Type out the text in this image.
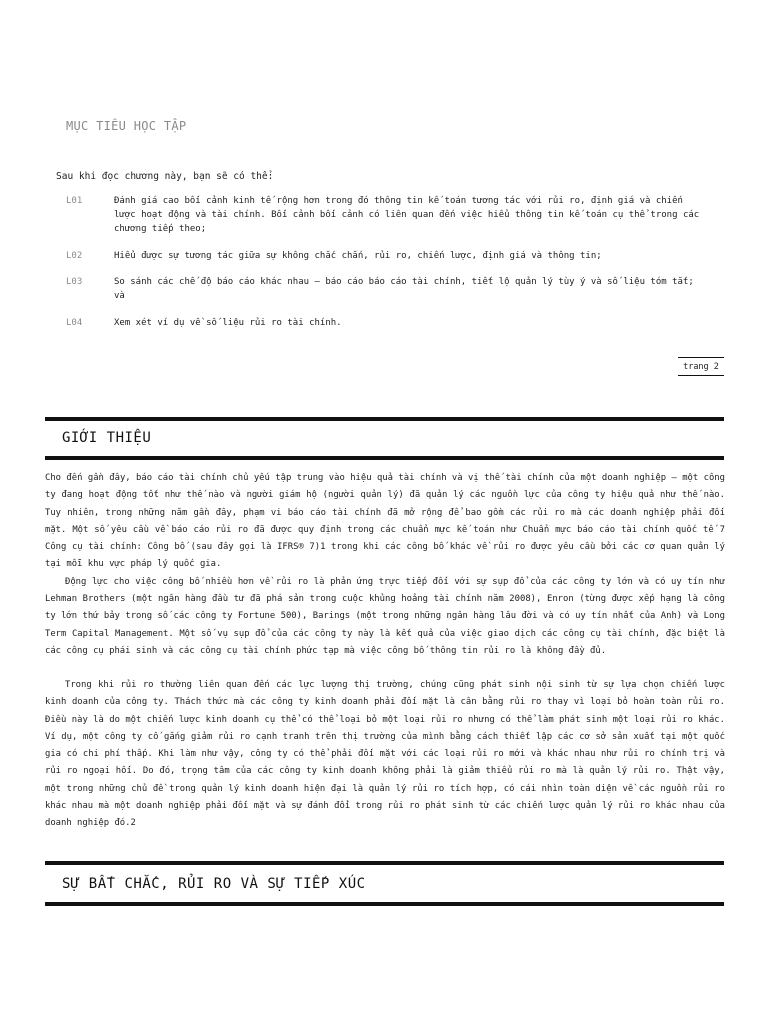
MỤC TIÊU HỌC TẬP
Sau khi đọc chương này, bạn sẽ có thể:
L01	Đánh giá cao bối cảnh kinh tế rộng hơn trong đó thông tin kế toán tương tác với rủi ro, định giá và chiến lược hoạt động và tài chính. Bối cảnh bối cảnh có liên quan đến việc hiểu thông tin kế toán cụ thể trong các chương tiếp theo;
L02	Hiểu được sự tương tác giữa sự không chắc chắn, rủi ro, chiến lược, định giá và thông tin;
L03	So sánh các chế độ báo cáo khác nhau – báo cáo báo cáo tài chính, tiết lộ quản lý tùy ý và số liệu tóm tắt; và
L04	Xem xét ví dụ về số liệu rủi ro tài chính.
trang 2
GIỚI THIỆU

Cho đến gần đây, báo cáo tài chính chủ yếu tập trung vào hiệu quả tài chính và vị thế tài chính của một doanh nghiệp – một công ty đang hoạt động tốt như thế nào và người giám hộ (người quản lý) đã quản lý các nguồn lực của công ty hiệu quả như thế nào. Tuy nhiên, trong những năm gần đây, phạm vi báo cáo tài chính đã mở rộng để bao gồm các rủi ro mà các doanh nghiệp phải đối mặt. Một số yêu cầu về báo cáo rủi ro đã được quy định trong các chuẩn mực kế toán như Chuẩn mực báo cáo tài chính quốc tế 7 Công cụ tài chính: Công bố (sau đây gọi là IFRS® 7)1 trong khi các công bố khác về rủi ro được yêu cầu bởi các cơ quan quản lý tại mỗi khu vực pháp lý quốc gia.

Động lực cho việc công bố nhiều hơn về rủi ro là phản ứng trực tiếp đối với sự sụp đổ của các công ty lớn và có uy tín như Lehman Brothers (một ngân hàng đầu tư đã phá sản trong cuộc khủng hoảng tài chính năm 2008), Enron (từng được xếp hạng là công ty lớn thứ bảy trong số các công ty Fortune 500), Barings (một trong những ngân hàng lâu đời và có uy tín nhất của Anh) và Long Term Capital Management. Một số vụ sụp đổ của các công ty này là kết quả của việc giao dịch các công cụ tài chính, đặc biệt là các công cụ phái sinh và các công cụ tài chính phức tạp mà việc công bố thông tin rủi ro là không đầy đủ.

Trong khi rủi ro thường liên quan đến các lực lượng thị trường, chúng cũng phát sinh nội sinh từ sự lựa chọn chiến lược kinh doanh của công ty. Thách thức mà các công ty kinh doanh phải đối mặt là cân bằng rủi ro thay vì loại bỏ hoàn toàn rủi ro. Điều này là do một chiến lược kinh doanh cụ thể có thể loại bỏ một loại rủi ro nhưng có thể làm phát sinh một loại rủi ro khác. Ví dụ, một công ty cố gắng giảm rủi ro cạnh tranh trên thị trường của mình bằng cách thiết lập các cơ sở sản xuất tại một quốc gia có chi phí thấp. Khi làm như vậy, công ty có thể phải đối mặt với các loại rủi ro mới và khác nhau như rủi ro chính trị và rủi ro ngoại hối. Do đó, trọng tâm của các công ty kinh doanh không phải là giảm thiểu rủi ro mà là quản lý rủi ro. Thật vậy, một trong những chủ đề trong quản lý kinh doanh hiện đại là quản lý rủi ro tích hợp, có cái nhìn toàn diện về các nguồn rủi ro khác nhau mà một doanh nghiệp phải đối mặt và sự đánh đổi trong rủi ro phát sinh từ các chiến lược quản lý rủi ro khác nhau của doanh nghiệp đó.2

SỰ BẤT CHẮC, RỦI RO VÀ SỰ TIẾP XÚC
